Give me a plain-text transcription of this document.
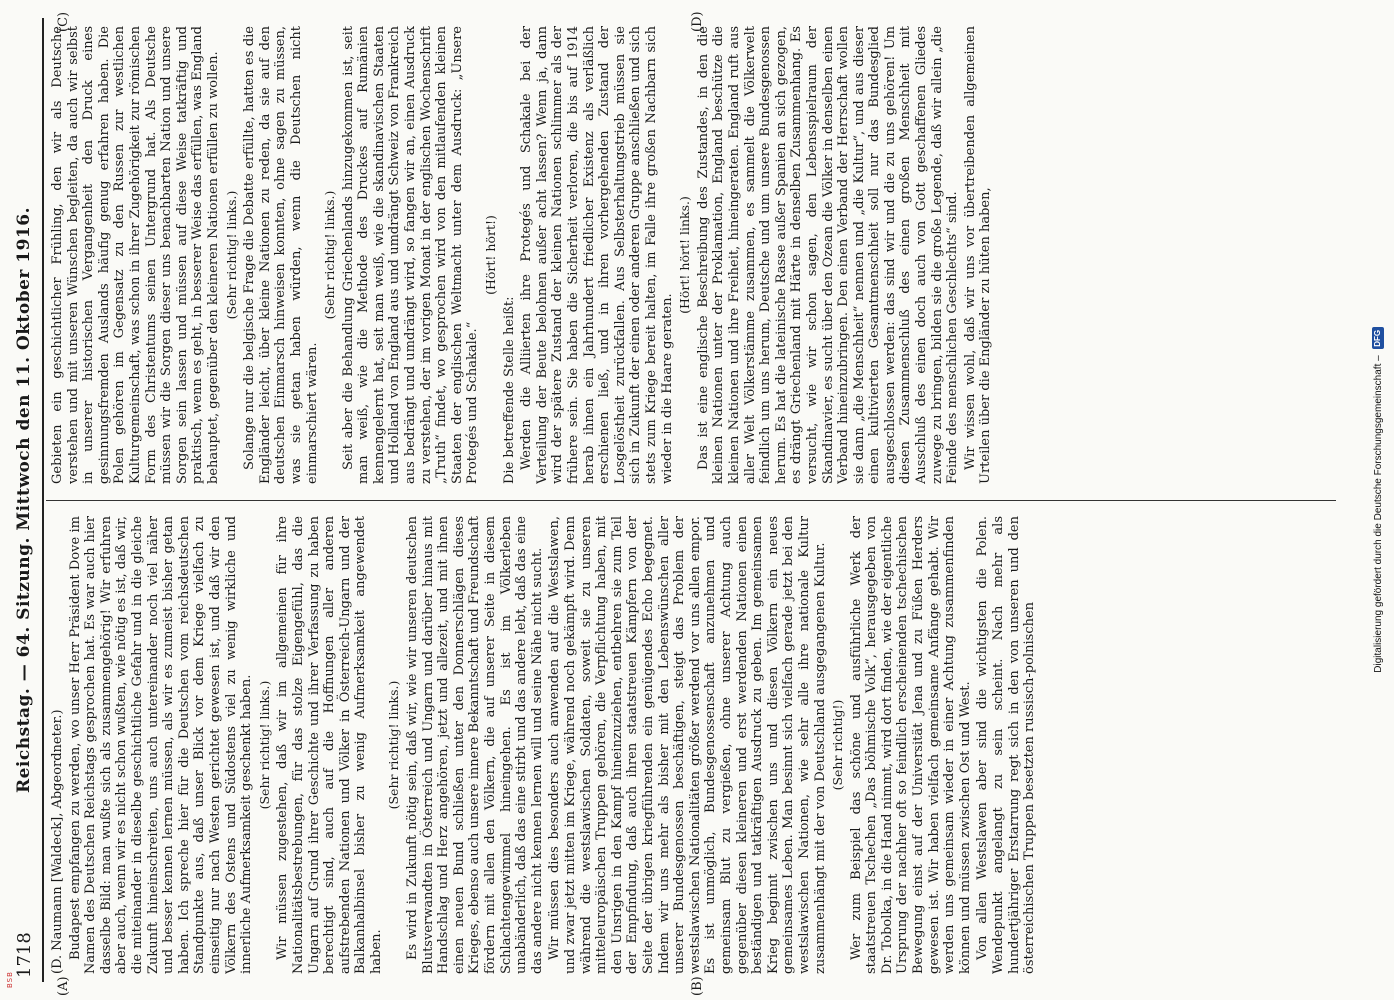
BSB
1718
Reichstag. — 64. Sitzung. Mittwoch den 11. Oktober 1916.
(A)	(B)
(C)	(D)

(D. Naumann [Waldeck], Abgeordneter.) Budapest empfangen zu werden, wo unser Herr Präsident Dove im Namen des Deutschen Reichstags gesprochen hat. Es war auch hier dasselbe Bild: man wußte sich als zusammengehörig! Wir erfuhren aber auch, wenn wir es nicht schon wußten, wie nötig es ist, daß wir, die miteinander in dieselbe geschichtliche Gefahr und in die gleiche Zukunft hineinschreiten, uns auch untereinander noch viel näher und besser kennen lernen müssen, als wir es zumeist bisher getan haben. Ich spreche hier für die Deutschen vom reichsdeutschen Standpunkte aus, daß unser Blick vor dem Kriege vielfach zu einseitig nur nach Westen gerichtet gewesen ist, und daß wir den Völkern des Ostens und Südostens viel zu wenig wirkliche und innerliche Aufmerksamkeit geschenkt haben. (Sehr richtig! links.) Wir müssen zugestehen, daß wir im allgemeinen für ihre Nationalitätsbestrebungen, für das stolze Eigengefühl, das die Ungarn auf Grund ihrer Geschichte und ihrer Verfassung zu haben berechtigt sind, auch auf die Hoffnungen aller anderen aufstrebenden Nationen und Völker in Österreich-Ungarn und der Balkanhalbinsel bisher zu wenig Aufmerksamkeit angewendet haben.

(Sehr richtig! links.) Es wird in Zukunft nötig sein, daß wir, wie wir unseren deutschen Blutsverwandten in Österreich und Ungarn und darüber hinaus mit Handschlag und Herz angehören, jetzt und allezeit, und mit ihnen einen neuen Bund schließen unter den Donnerschlägen dieses Krieges, ebenso auch unsere innere Bekanntschaft und Freundschaft fördern mit allen den Völkern, die auf unserer Seite in diesem Schlachtengewimmel hineingehen. Es ist im Völkerleben unabänderlich, daß das eine stirbt und das andere lebt, daß das eine das andere nicht kennen lernen will und seine Nähe nicht sucht. Wir müssen dies besonders auch anwenden auf die Westslawen, und zwar jetzt mitten im Kriege, während noch gekämpft wird. Denn während die westslawischen Soldaten, soweit sie zu unseren mitteleuropäischen Truppen gehören, die Verpflichtung haben, mit den Unsrigen in den Kampf hineinzuziehen, entbehren sie zum Teil der Empfindung, daß auch ihren staatstreuen Kämpfern von der Seite der übrigen kriegführenden ein genügendes Echo begegnet. Indem wir uns mehr als bisher mit den Lebenswünschen aller unserer Bundesgenossen beschäftigen, steigt das Problem der westslawischen Nationalitäten größer werdend vor uns allen empor. Es ist unmöglich, Bundesgenossenschaft anzunehmen und gemeinsam Blut zu vergießen, ohne unserer Achtung auch gegenüber diesen kleineren und erst werdenden Nationen einen beständigen und tatkräftigen Ausdruck zu geben. Im gemeinsamen Krieg beginnt zwischen uns und diesen Völkern ein neues gemeinsames Leben. Man besinnt sich vielfach gerade jetzt bei den westslawischen Nationen, wie sehr alle ihre nationale Kultur zusammenhängt mit der von Deutschland ausgegangenen Kultur. (Sehr richtig!) Wer zum Beispiel das schöne und ausführliche Werk der staatstreuen Tschechen „Das böhmische Volk“, herausgegeben von Dr. Tobolka, in die Hand nimmt, wird dort finden, wie der eigentliche Ursprung der nachher oft so feindlich erscheinenden tschechischen Bewegung einst auf der Universität Jena und zu Füßen Herders gewesen ist. Wir haben vielfach gemeinsame Anfänge gehabt. Wir werden uns gemeinsam wieder in einer Achtung zusammenfinden können und müssen zwischen Ost und West. Von allen Westslawen aber sind die wichtigsten die Polen. Wendepunkt angelangt zu sein scheint. Nach mehr als hundertjähriger Erstarrung regt sich in den von unseren und den österreichischen Truppen besetzten russisch-polnischen

Gebieten ein geschichtlicher Frühling, den wir als Deutsche verstehen und mit unseren Wünschen begleiten, da auch wir selbst in unserer historischen Vergangenheit den Druck eines gesinnungsfremden Auslands häufig genug erfahren haben. Die Polen gehören im Gegensatz zu den Russen zur westlichen Kulturgemeinschaft, was schon in ihrer Zugehörigkeit zur römischen Form des Christentums seinen Untergrund hat. Als Deutsche müssen wir die Sorgen dieser uns benachbarten Nation und unsere Sorgen sein lassen und müssen auf diese Weise tatkräftig und praktisch, wenn es geht, in besserer Weise das erfüllen, was England behauptet, gegenüber den kleineren Nationen erfüllen zu wollen. (Sehr richtig! links.) Solange nur die belgische Frage die Debatte erfüllte, hatten es die Engländer leicht, über kleine Nationen zu reden, da sie auf den deutschen Einmarsch hinweisen konnten, ohne sagen zu müssen, was sie getan haben würden, wenn die Deutschen nicht einmarschiert wären.

(Sehr richtig! links.) Seit aber die Behandlung Griechenlands hinzugekommen ist, seit man weiß, wie die Methode des Druckes auf Rumänien kennengelernt hat, seit man weiß, wie die skandinavischen Staaten und Holland von England aus und umdrängt Schweiz von Frankreich aus bedrängt und umdrängt wird, so fangen wir an, einen Ausdruck zu verstehen, der im vorigen Monat in der englischen Wochenschrift „Truth“ findet, wo gesprochen wird von den mitlaufenden kleinen Staaten der englischen Weltmacht unter dem Ausdruck: „Unsere Protegés und Schakale.“

(Hört! hört!)

Die betreffende Stelle heißt: Werden die Alliierten ihre Protegés und Schakale bei der Verteilung der Beute belohnen außer acht lassen? Wenn ja, dann wird der spätere Zustand der kleinen Nationen schlimmer als der frühere sein. Sie haben die Sicherheit verloren, die bis auf 1914 herab ihnen ein Jahrhundert friedlicher Existenz als verläßlich erschienen ließ, und in ihren vorhergehenden Zustand der Losgelöstheit zurückfallen. Aus Selbsterhaltungstrieb müssen sie sich in Zukunft der einen oder anderen Gruppe anschließen und sich stets zum Kriege bereit halten, im Falle ihre großen Nachbarn sich wieder in die Haare geraten.

(Hört! hört! links.) Das ist eine englische Beschreibung des Zustandes, in den die kleinen Nationen unter der Proklamation, England beschütze die kleinen Nationen und ihre Freiheit, hineingeraten. England ruft aus aller Welt Völkerstämme zusammen, es sammelt die Völkerwelt feindlich um uns herum, Deutsche und um unsere Bundesgenossen herum. Es hat die lateinische Rasse außer Spanien an sich gezogen, es drängt Griechenland mit Härte in denselben Zusammenhang. Es versucht, wie wir schon sagen, den Lebensspielraum der Skandinavier, es sucht über den Ozean die Völker in denselben einen Verband hineinzubringen. Den einen Verband der Herrschaft wollen sie dann „die Menschheit“ nennen und „die Kultur“, und aus dieser einen kultivierten Gesamtmenschheit soll nur das Bundesglied ausgeschlossen werden: das sind wir und die zu uns gehören! Um diesen Zusammenschluß des einen großen Menschheit mit Ausschluß des einen doch auch von Gott geschaffenen Gliedes zuwege zu bringen, bilden sie die große Legende, daß wir allein „die Feinde des menschlichen Geschlechts“ sind. Wir wissen wohl, daß wir uns vor übertreibenden allgemeinen Urteilen über die Engländer zu hüten haben,

Digitalisierung gefördert durch die Deutsche Forschungsgemeinschaft –
DFG
